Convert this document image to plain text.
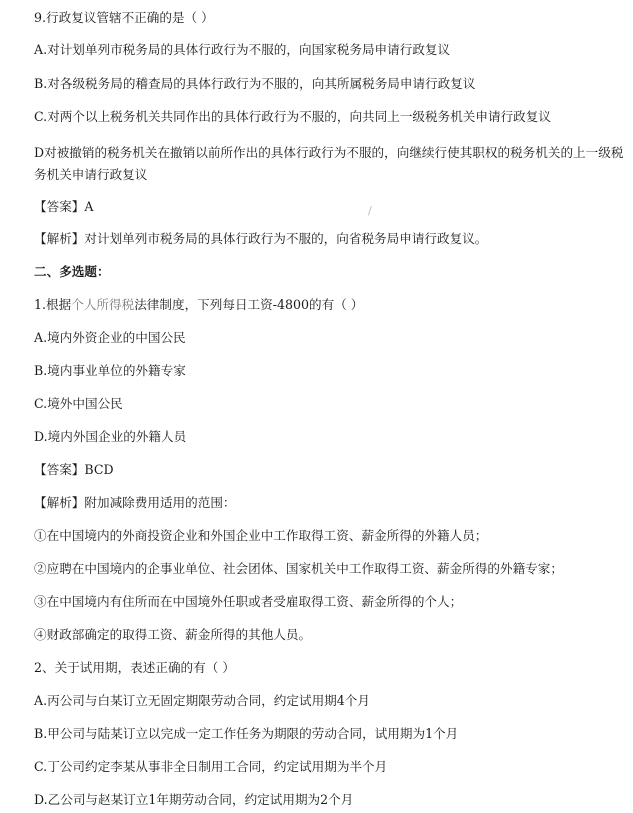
9.行政复议管辖不正确的是（ ）
A.对计划单列市税务局的具体行政行为不服的，向国家税务局申请行政复议
B.对各级税务局的稽查局的具体行政行为不服的，向其所属税务局申请行政复议
C.对两个以上税务机关共同作出的具体行政行为不服的，向共同上一级税务机关申请行政复议
D对被撤销的税务机关在撤销以前所作出的具体行政行为不服的，向继续行使其职权的税务机关的上一级税务机关申请行政复议
【答案】A	/
【解析】对计划单列市税务局的具体行政行为不服的，向省税务局申请行政复议。
二、多选题：
1.根据个人所得税法律制度，下列每日工资-4800的有（ ）
A.境内外资企业的中国公民
B.境内事业单位的外籍专家
C.境外中国公民
D.境内外国企业的外籍人员
【答案】BCD
【解析】附加减除费用适用的范围：
①在中国境内的外商投资企业和外国企业中工作取得工资、薪金所得的外籍人员；
②应聘在中国境内的企事业单位、社会团体、国家机关中工作取得工资、薪金所得的外籍专家；
③在中国境内有住所而在中国境外任职或者受雇取得工资、薪金所得的个人；
④财政部确定的取得工资、薪金所得的其他人员。
2、关于试用期，表述正确的有（ ）
A.丙公司与白某订立无固定期限劳动合同，约定试用期4个月
B.甲公司与陆某订立以完成一定工作任务为期限的劳动合同，试用期为1个月
C.丁公司约定李某从事非全日制用工合同，约定试用期为半个月
D.乙公司与赵某订立1年期劳动合同，约定试用期为2个月
